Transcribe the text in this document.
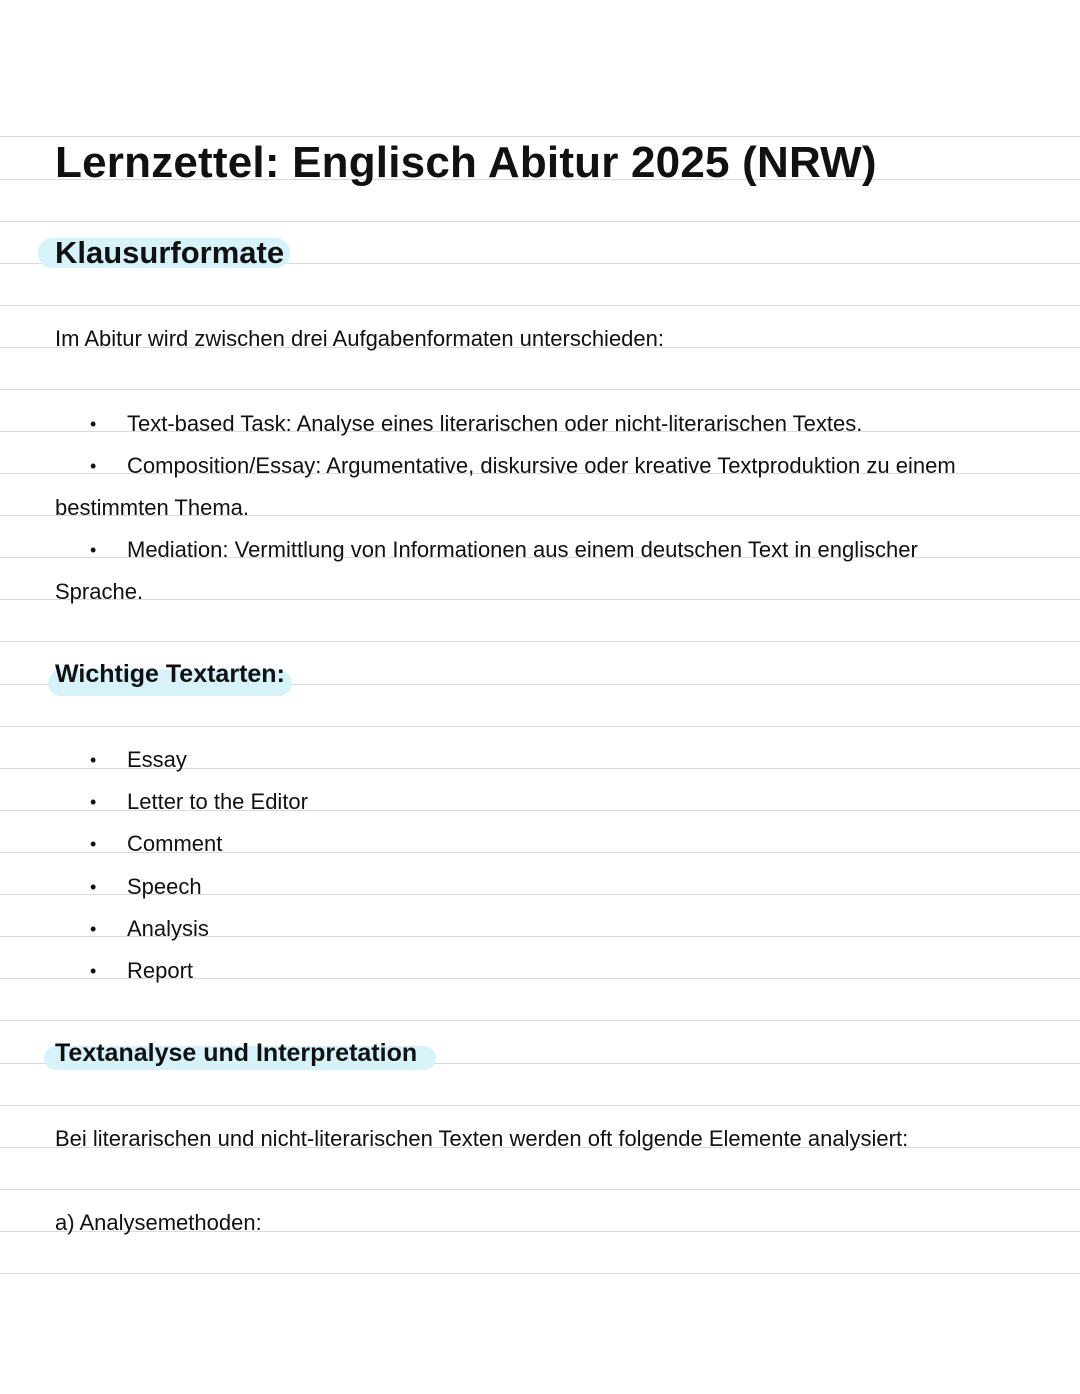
Lernzettel: Englisch Abitur 2025 (NRW)
Klausurformate
Im Abitur wird zwischen drei Aufgabenformaten unterschieden:
• Text-based Task: Analyse eines literarischen oder nicht-literarischen Textes.
• Composition/Essay: Argumentative, diskursive oder kreative Textproduktion zu einem
bestimmten Thema.
• Mediation: Vermittlung von Informationen aus einem deutschen Text in englischer
Sprache.
Wichtige Textarten:
• Essay
• Letter to the Editor
• Comment
• Speech
• Analysis
• Report
Textanalyse und Interpretation
Bei literarischen und nicht-literarischen Texten werden oft folgende Elemente analysiert:
a) Analysemethoden:
